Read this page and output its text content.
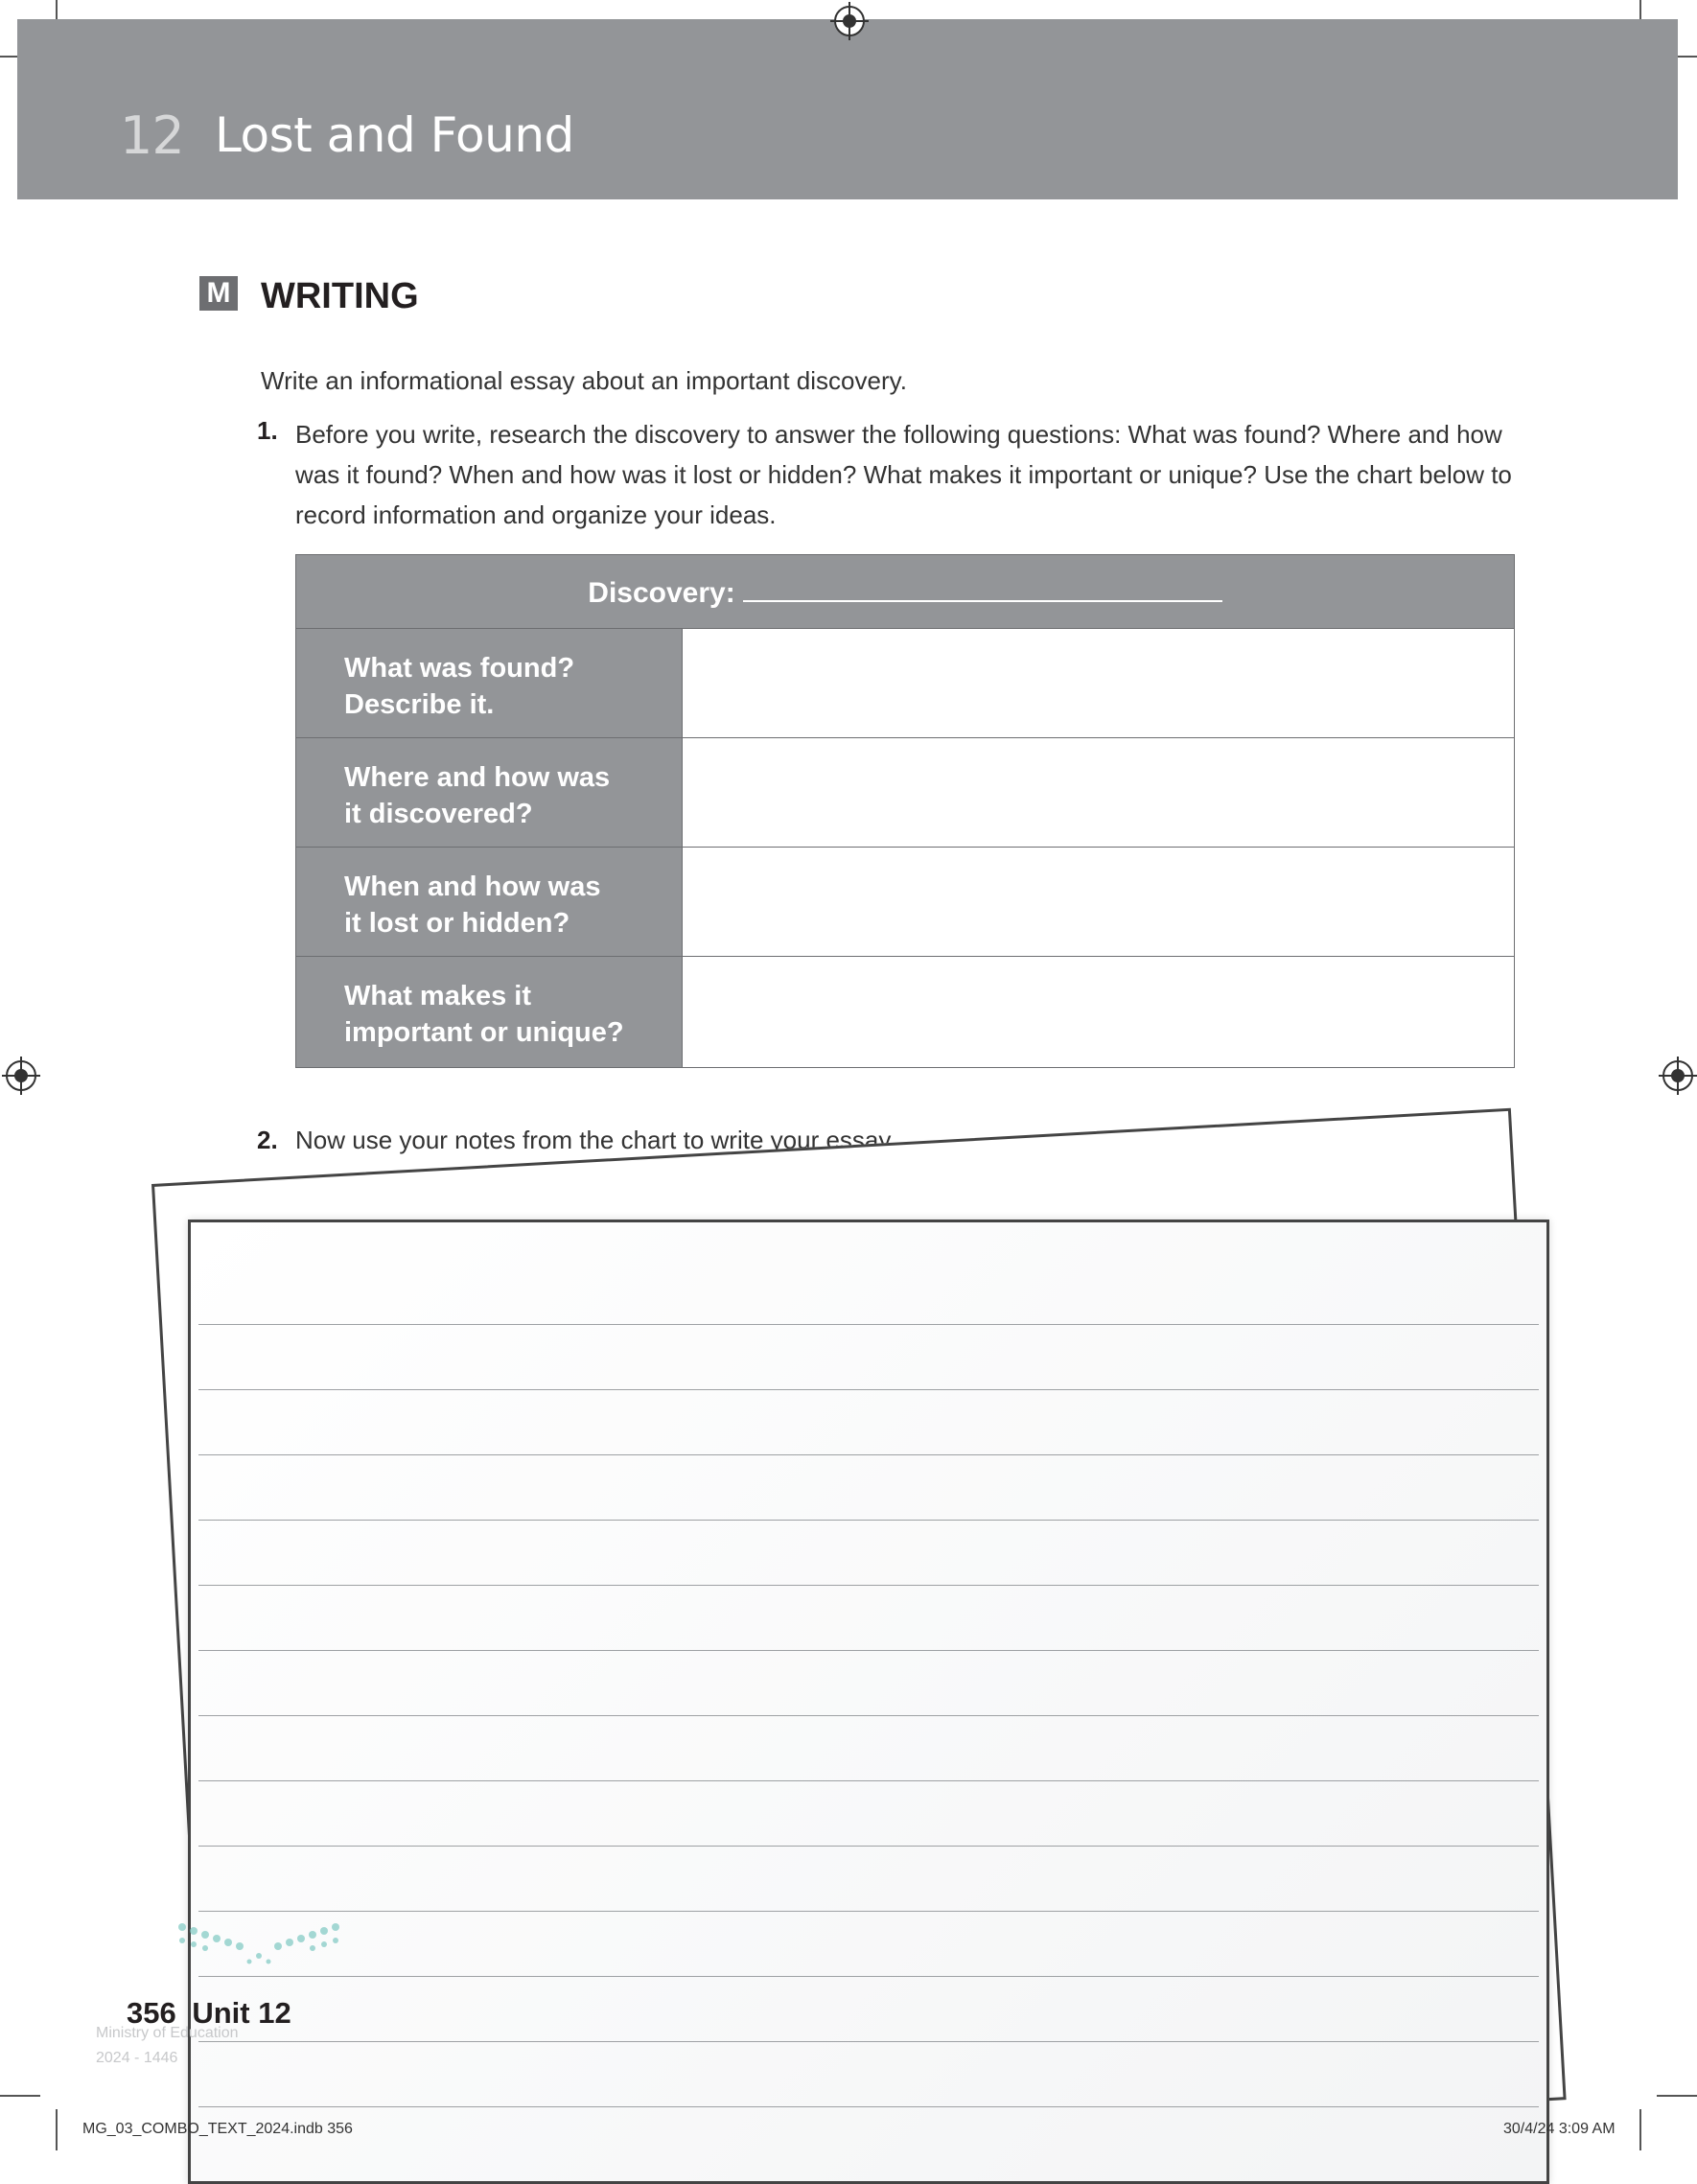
12 Lost and Found
M WRITING
Write an informational essay about an important discovery.
1. Before you write, research the discovery to answer the following questions: What was found? Where and how was it found? When and how was it lost or hidden? What makes it important or unique? Use the chart below to record information and organize your ideas.
Discovery:
What was found?
Describe it.
Where and how was
it discovered?
When and how was
it lost or hidden?
What makes it
important or unique?
2. Now use your notes from the chart to write your essay.
356 Unit 12
Ministry of Education
2024 - 1446
MG_03_COMBO_TEXT_2024.indb 356	30/4/24 3:09 AM
